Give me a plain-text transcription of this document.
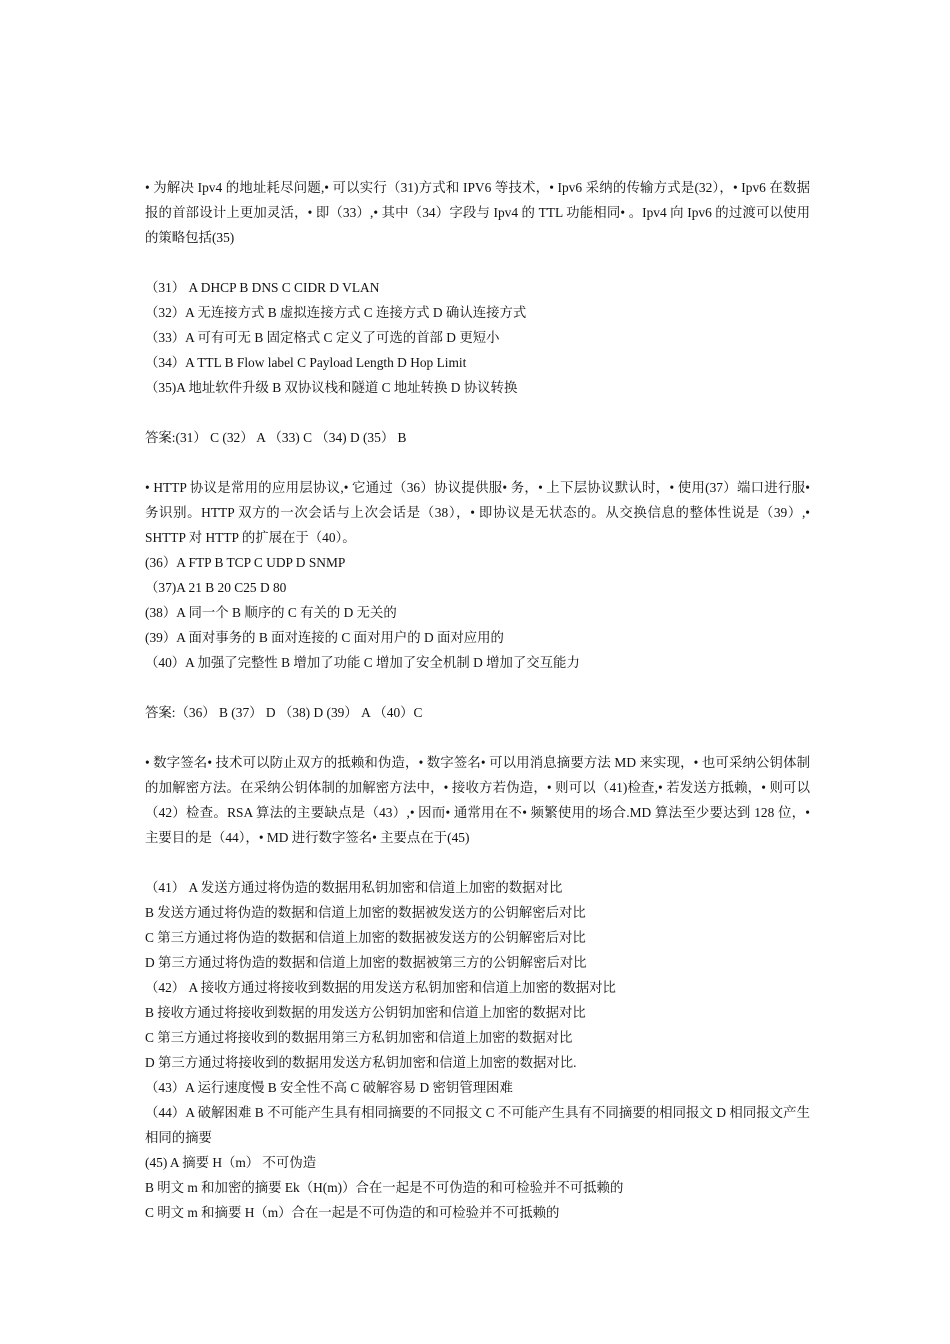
• 为解决 Ipv4 的地址耗尽问题,• 可以实行（31)方式和 IPV6 等技术，• Ipv6 采纳的传输方式是(32），• Ipv6 在数据报的首部设计上更加灵活，• 即（33）,• 其中（34）字段与 Ipv4 的 TTL 功能相同• 。Ipv4 向 Ipv6 的过渡可以使用的策略包括(35)
（31） A DHCP B DNS C CIDR D VLAN
（32）A 无连接方式 B 虚拟连接方式 C 连接方式 D 确认连接方式
（33）A 可有可无 B 固定格式 C 定义了可选的首部 D 更短小
（34）A TTL B Flow label C Payload Length D Hop Limit
（35)A 地址软件升级 B 双协议栈和隧道 C 地址转换 D 协议转换
答案:(31） C (32） A （33) C （34) D (35） B
• HTTP 协议是常用的应用层协议,• 它通过（36）协议提供服• 务，• 上下层协议默认时，• 使用(37）端口进行服• 务识别。HTTP 双方的一次会话与上次会话是（38），• 即协议是无状态的。从交换信息的整体性说是（39）,• SHTTP 对 HTTP 的扩展在于（40）。
(36）A FTP B TCP C UDP D SNMP
（37)A 21 B 20 C25 D 80
(38）A 同一个 B 顺序的 C 有关的 D 无关的
(39）A 面对事务的 B 面对连接的 C 面对用户的 D 面对应用的
（40）A 加强了完整性 B 增加了功能 C 增加了安全机制 D 增加了交互能力
答案:（36） B (37） D （38) D (39） A （40）C
• 数字签名• 技术可以防止双方的抵赖和伪造，• 数字签名• 可以用消息摘要方法 MD 来实现，• 也可采纳公钥体制的加解密方法。在采纳公钥体制的加解密方法中，• 接收方若伪造，• 则可以（41)检查,• 若发送方抵赖，• 则可以（42）检查。RSA 算法的主要缺点是（43）,• 因而• 通常用在不• 频繁使用的场合.MD 算法至少要达到 128 位，• 主要目的是（44），• MD 进行数字签名• 主要点在于(45)
（41） A 发送方通过将伪造的数据用私钥加密和信道上加密的数据对比
B 发送方通过将伪造的数据和信道上加密的数据被发送方的公钥解密后对比
C 第三方通过将伪造的数据和信道上加密的数据被发送方的公钥解密后对比
D 第三方通过将伪造的数据和信道上加密的数据被第三方的公钥解密后对比
（42） A 接收方通过将接收到数据的用发送方私钥加密和信道上加密的数据对比
B 接收方通过将接收到数据的用发送方公钥钥加密和信道上加密的数据对比
C 第三方通过将接收到的数据用第三方私钥加密和信道上加密的数据对比
D 第三方通过将接收到的数据用发送方私钥加密和信道上加密的数据对比.
（43）A 运行速度慢 B 安全性不高 C 破解容易 D 密钥管理困难
（44）A 破解困难 B 不可能产生具有相同摘要的不同报文 C 不可能产生具有不同摘要的相同报文 D 相同报文产生相同的摘要
(45) A 摘要 H（m） 不可伪造
B 明文 m 和加密的摘要 Ek（H(m)）合在一起是不可伪造的和可检验并不可抵赖的
C 明文 m 和摘要 H（m）合在一起是不可伪造的和可检验并不可抵赖的
